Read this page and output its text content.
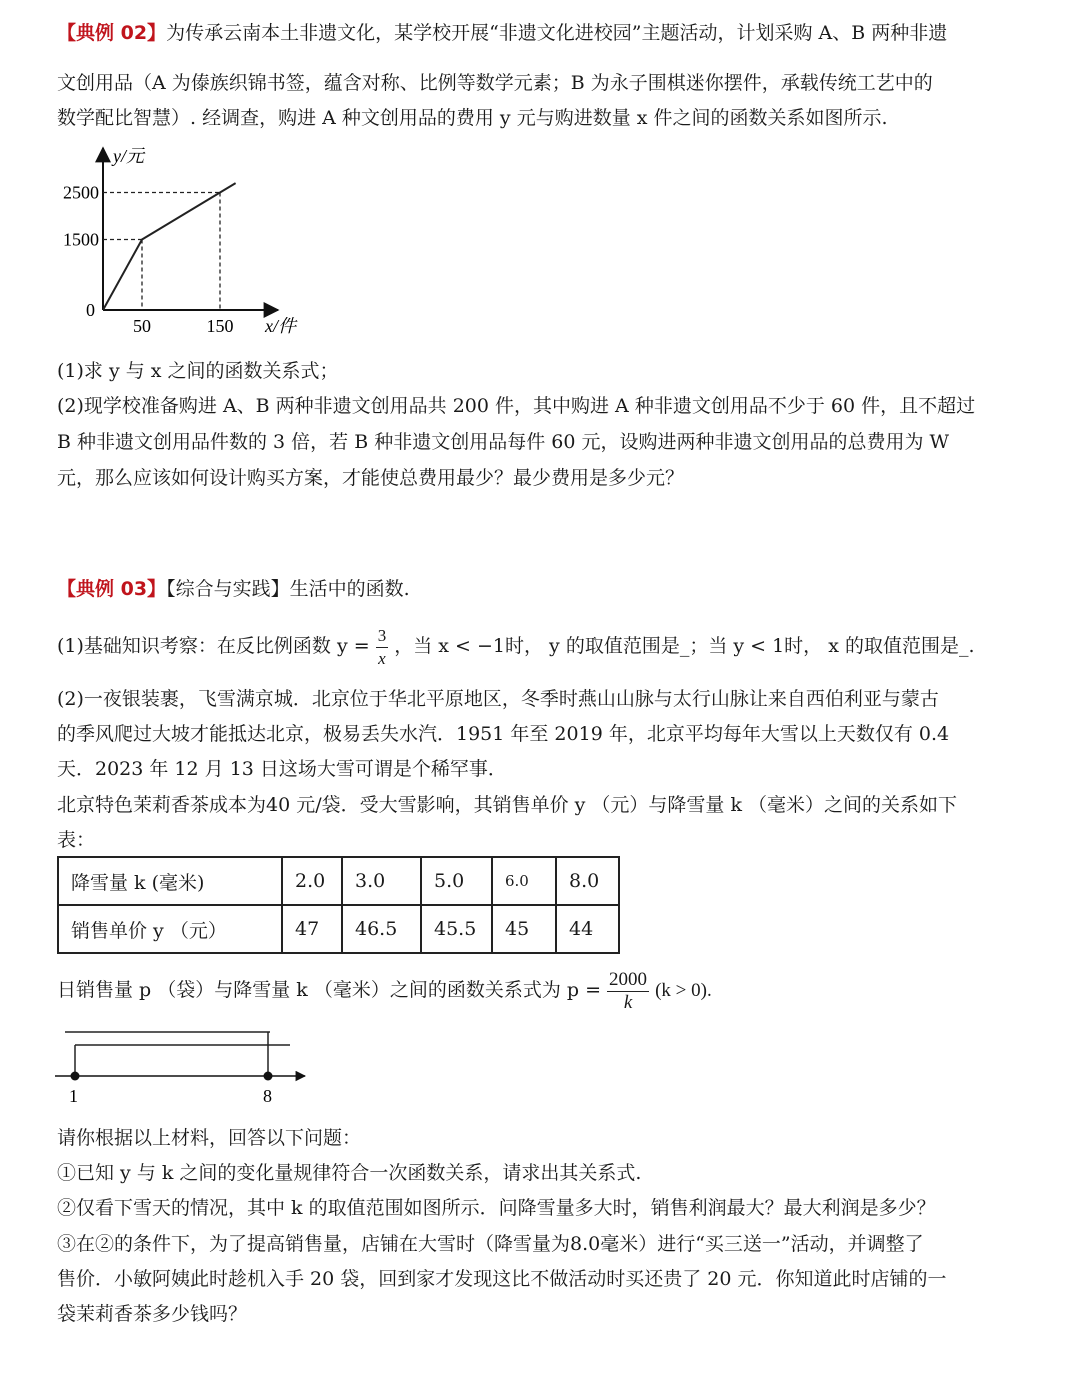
【典例 02】为传承云南本土非遗文化，某学校开展“非遗文化进校园”主题活动，计划采购 A、B 两种非遗
文创用品（A 为傣族织锦书签，蕴含对称、比例等数学元素；B 为永子围棋迷你摆件，承载传统工艺中的
数学配比智慧）. 经调查，购进 A 种文创用品的费用 y 元与购进数量 x 件之间的函数关系如图所示.
y/元
x/件
0
50	150
1500
2500
(1)求 y 与 x 之间的函数关系式；
(2)现学校准备购进 A、B 两种非遗文创用品共 200 件，其中购进 A 种非遗文创用品不少于 60 件，且不超过
B 种非遗文创用品件数的 3 倍，若 B 种非遗文创用品每件 60 元，设购进两种非遗文创用品的总费用为 W
元，那么应该如何设计购买方案，才能使总费用最少？最少费用是多少元？
【典例 03】【综合与实践】生活中的函数.
(1)基础知识考察：在反比例函数 $y = \frac{3}{x}$ ，当 x < −1时， y 的取值范围是_；当 y < 1时， x 的取值范围是_.
(2)一夜银装裹，飞雪满京城．北京位于华北平原地区，冬季时燕山山脉与太行山脉让来自西伯利亚与蒙古
的季风爬过大坡才能抵达北京，极易丢失水汽．1951 年至 2019 年，北京平均每年大雪以上天数仅有 0.4
天．2023 年 12 月 13 日这场大雪可谓是个稀罕事．
北京特色茉莉香茶成本为40 元/袋．受大雪影响，其销售单价 y （元）与降雪量 k （毫米）之间的关系如下
表：
降雪量 k (毫米)	2.0	3.0	5.0	6.0	8.0
销售单价 y （元）	47	46.5	45.5	45	44
日销售量 p （袋）与降雪量 k （毫米）之间的函数关系式为 $p = \frac{2000}{k} (k > 0)$.
1	8
请你根据以上材料，回答以下问题：
①已知 y 与 k 之间的变化量规律符合一次函数关系，请求出其关系式.
②仅看下雪天的情况，其中 k 的取值范围如图所示．问降雪量多大时，销售利润最大？最大利润是多少？
③在②的条件下，为了提高销售量，店铺在大雪时（降雪量为8.0毫米）进行“买三送一”活动，并调整了
售价．小敏阿姨此时趁机入手 20 袋，回到家才发现这比不做活动时买还贵了 20 元．你知道此时店铺的一
袋茉莉香茶多少钱吗？
